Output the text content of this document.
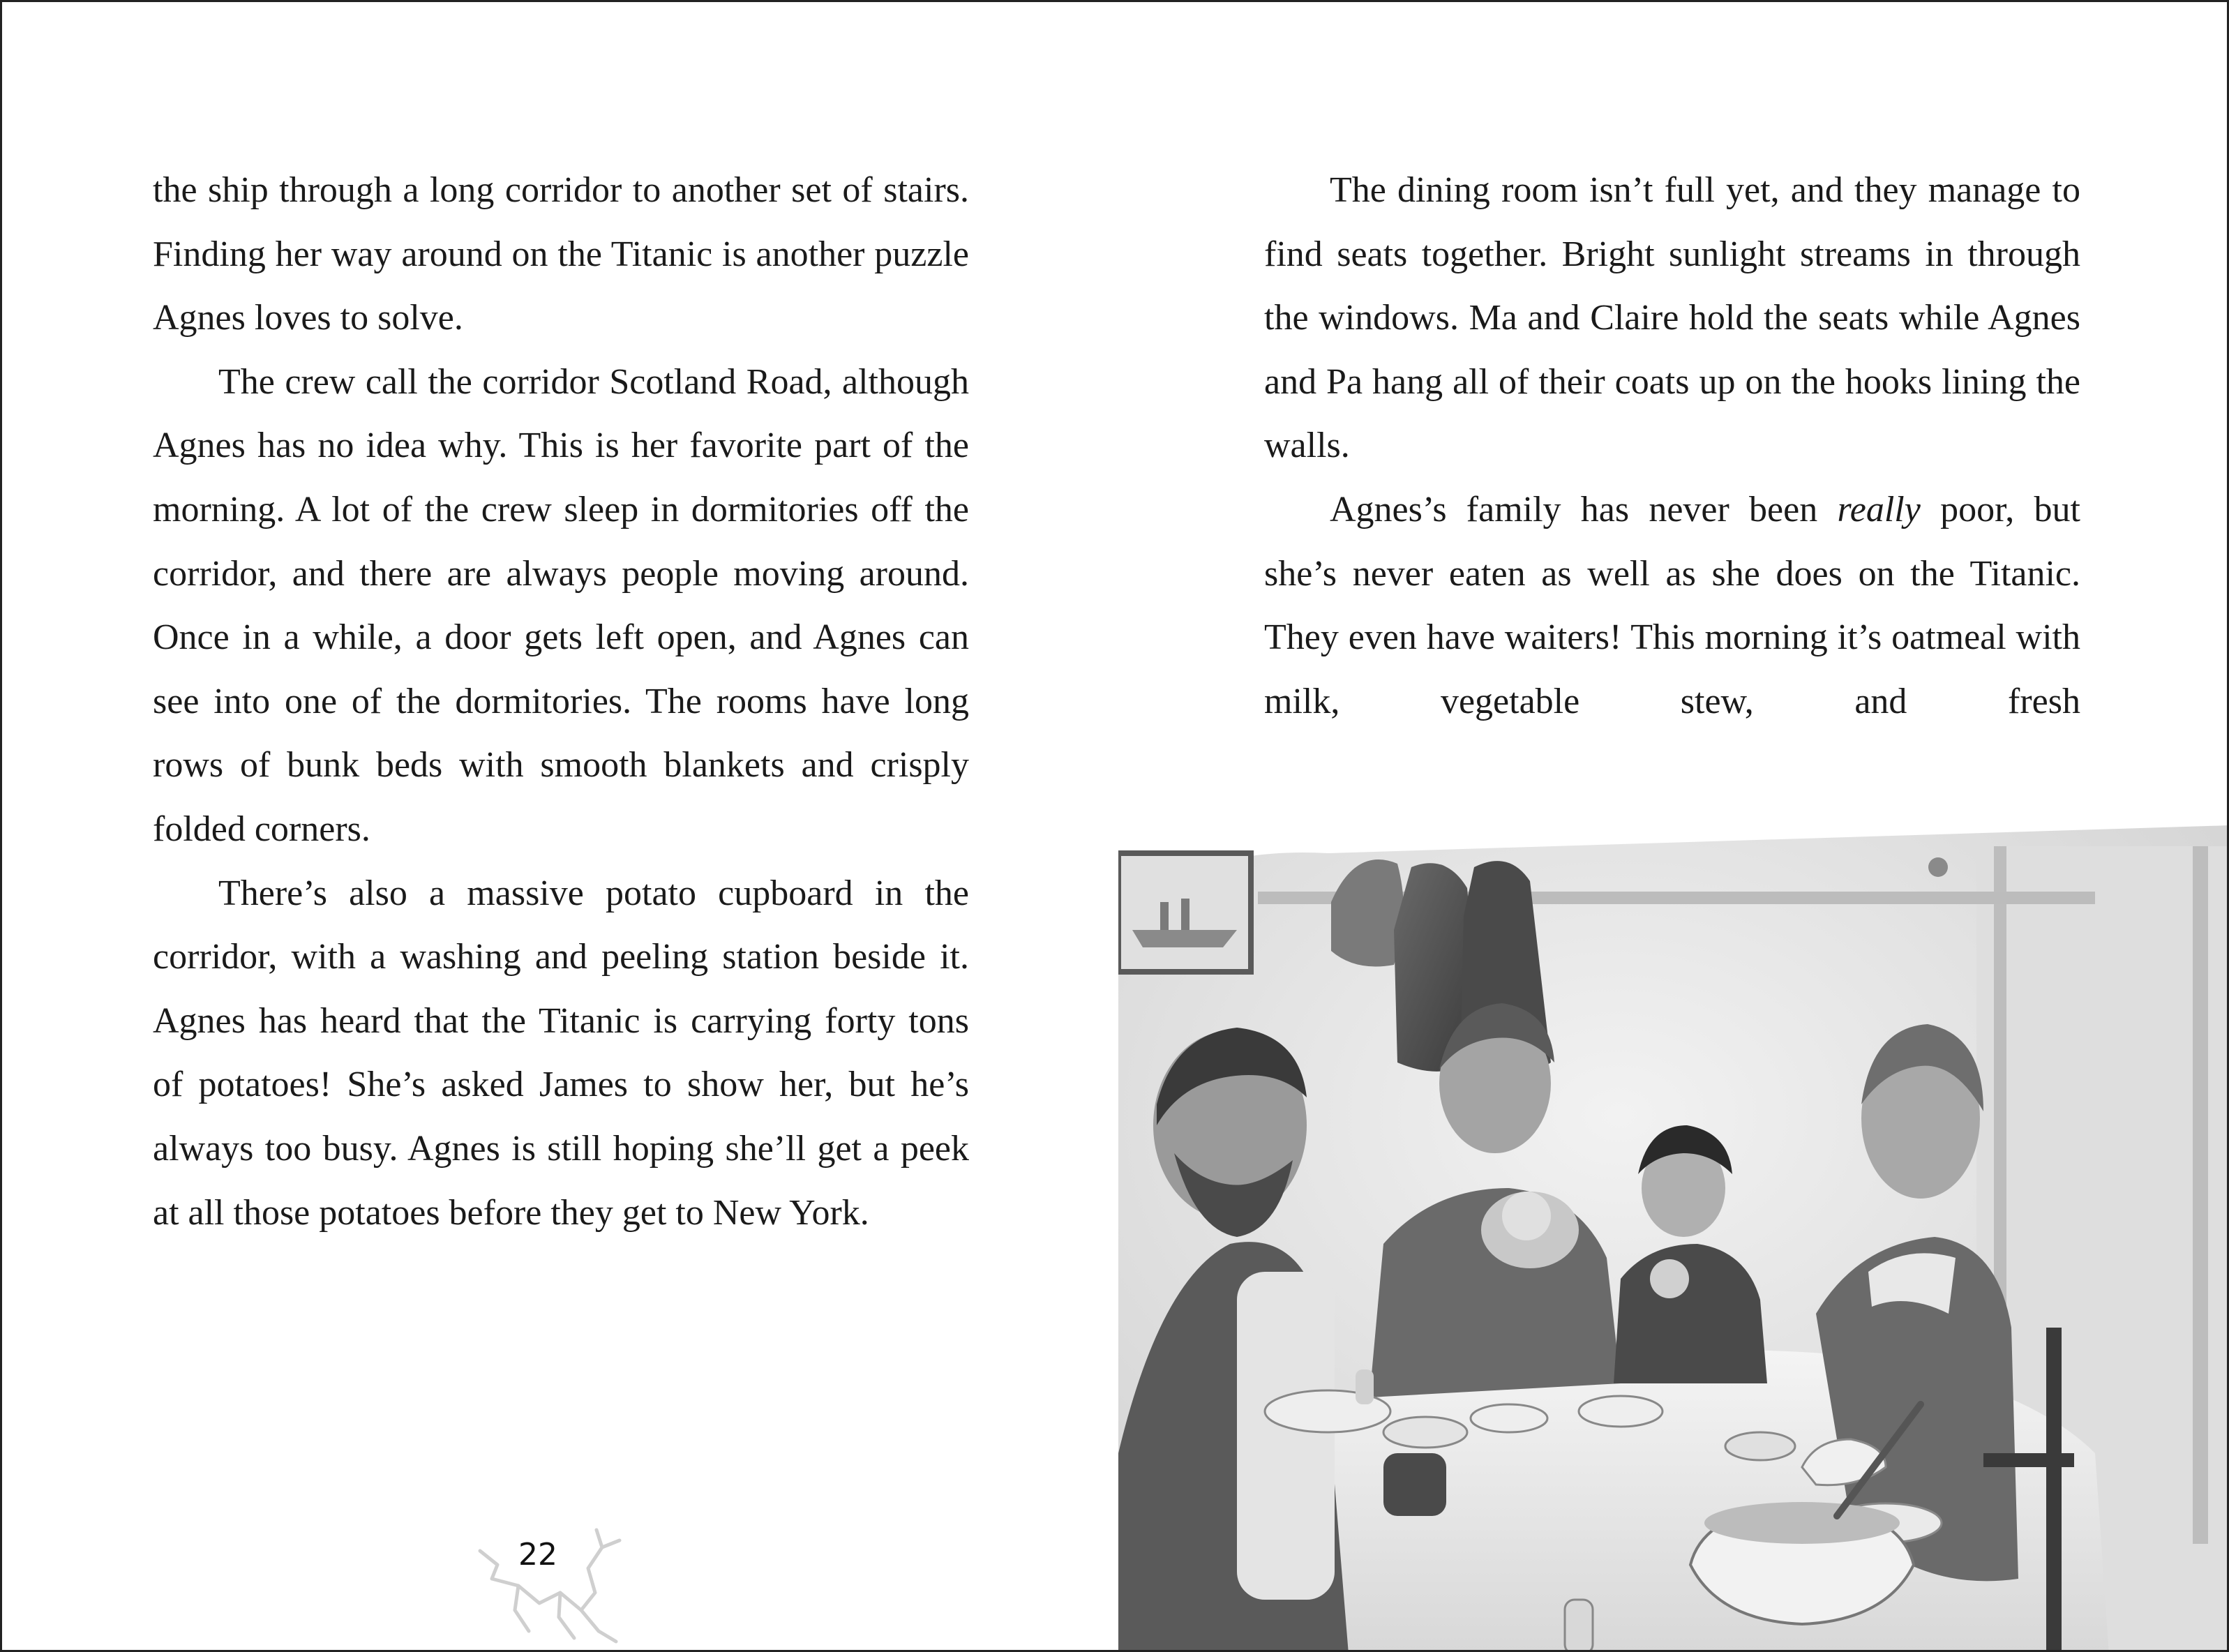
the ship through a long corridor to another set of stairs. Finding her way around on the Titanic is another puzzle Agnes loves to solve.

The crew call the corridor Scotland Road, although Agnes has no idea why. This is her favorite part of the morning. A lot of the crew sleep in dormitories off the corridor, and there are always people moving around. Once in a while, a door gets left open, and Agnes can see into one of the dormitories. The rooms have long rows of bunk beds with smooth blankets and crisply folded corners.

There’s also a massive potato cupboard in the corridor, with a washing and peeling station beside it. Agnes has heard that the Titanic is carrying forty tons of potatoes! She’s asked James to show her, but he’s always too busy. Agnes is still hoping she’ll get a peek at all those potatoes before they get to New York.

22

The dining room isn’t full yet, and they manage to find seats together. Bright sunlight streams in through the windows. Ma and Claire hold the seats while Agnes and Pa hang all of their coats up on the hooks lining the walls.

Agnes’s family has never been really poor, but she’s never eaten as well as she does on the Titanic. They even have waiters! This morning it’s oatmeal with milk, vegetable stew, and fresh
